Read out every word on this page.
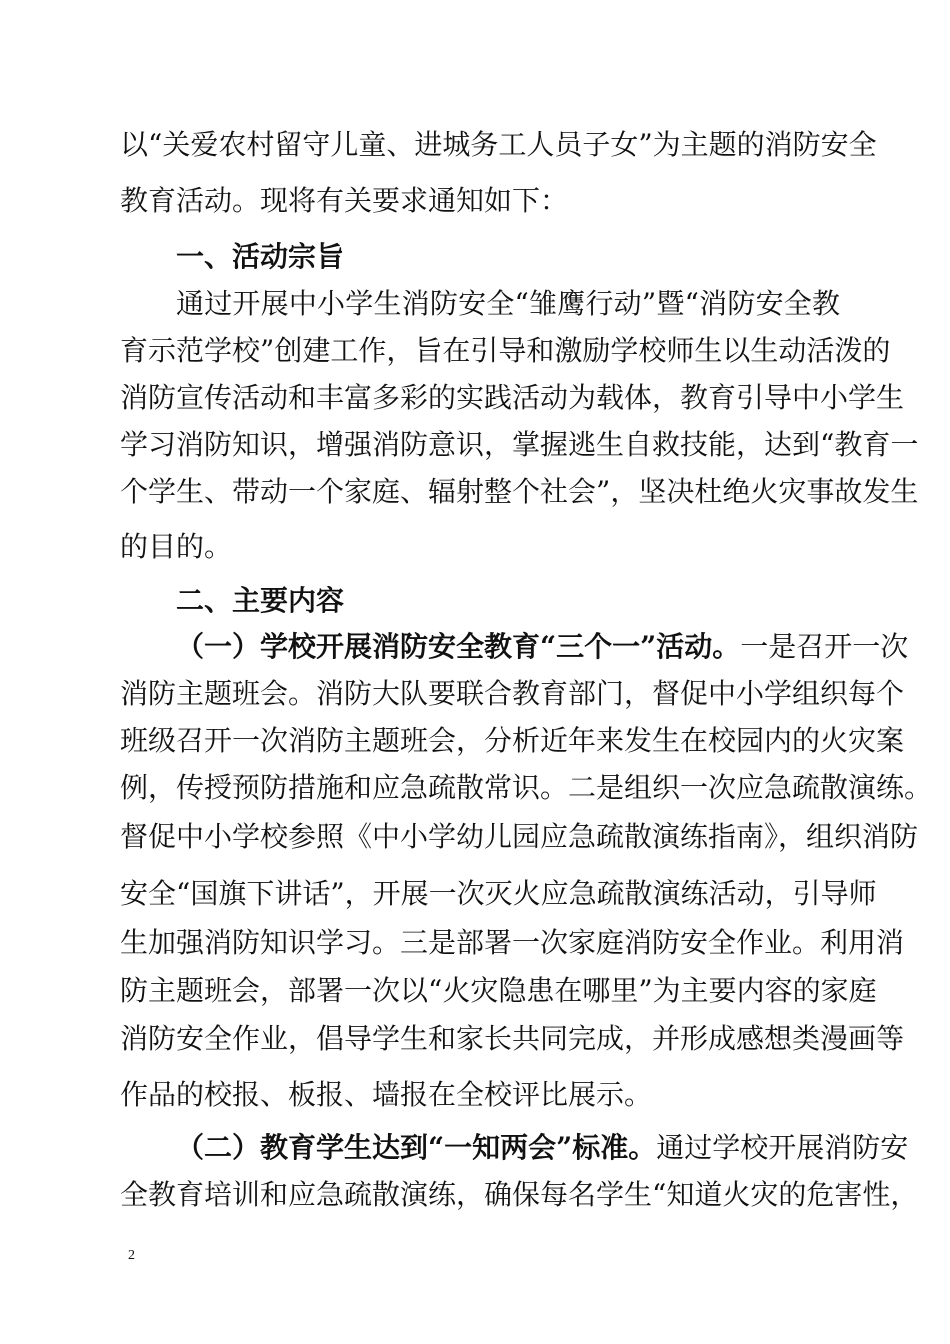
以“关爱农村留守儿童、进城务工人员子女”为主题的消防安全
教育活动。现将有关要求通知如下：
一、活动宗旨
通过开展中小学生消防安全“雏鹰行动”暨“消防安全教
育示范学校”创建工作，旨在引导和激励学校师生以生动活泼的
消防宣传活动和丰富多彩的实践活动为载体，教育引导中小学生
学习消防知识，增强消防意识，掌握逃生自救技能，达到“教育一
个学生、带动一个家庭、辐射整个社会”，坚决杜绝火灾事故发生
的目的。
二、主要内容
（一）学校开展消防安全教育“三个一”活动。一是召开一次
消防主题班会。消防大队要联合教育部门，督促中小学组织每个
班级召开一次消防主题班会，分析近年来发生在校园内的火灾案
例，传授预防措施和应急疏散常识。二是组织一次应急疏散演练。
督促中小学校参照《中小学幼儿园应急疏散演练指南》，组织消防
安全“国旗下讲话”，开展一次灭火应急疏散演练活动，引导师
生加强消防知识学习。三是部署一次家庭消防安全作业。利用消
防主题班会，部署一次以“火灾隐患在哪里”为主要内容的家庭
消防安全作业，倡导学生和家长共同完成，并形成感想类漫画等
作品的校报、板报、墙报在全校评比展示。
（二）教育学生达到“一知两会”标准。通过学校开展消防安
全教育培训和应急疏散演练，确保每名学生“知道火灾的危害性，
2
